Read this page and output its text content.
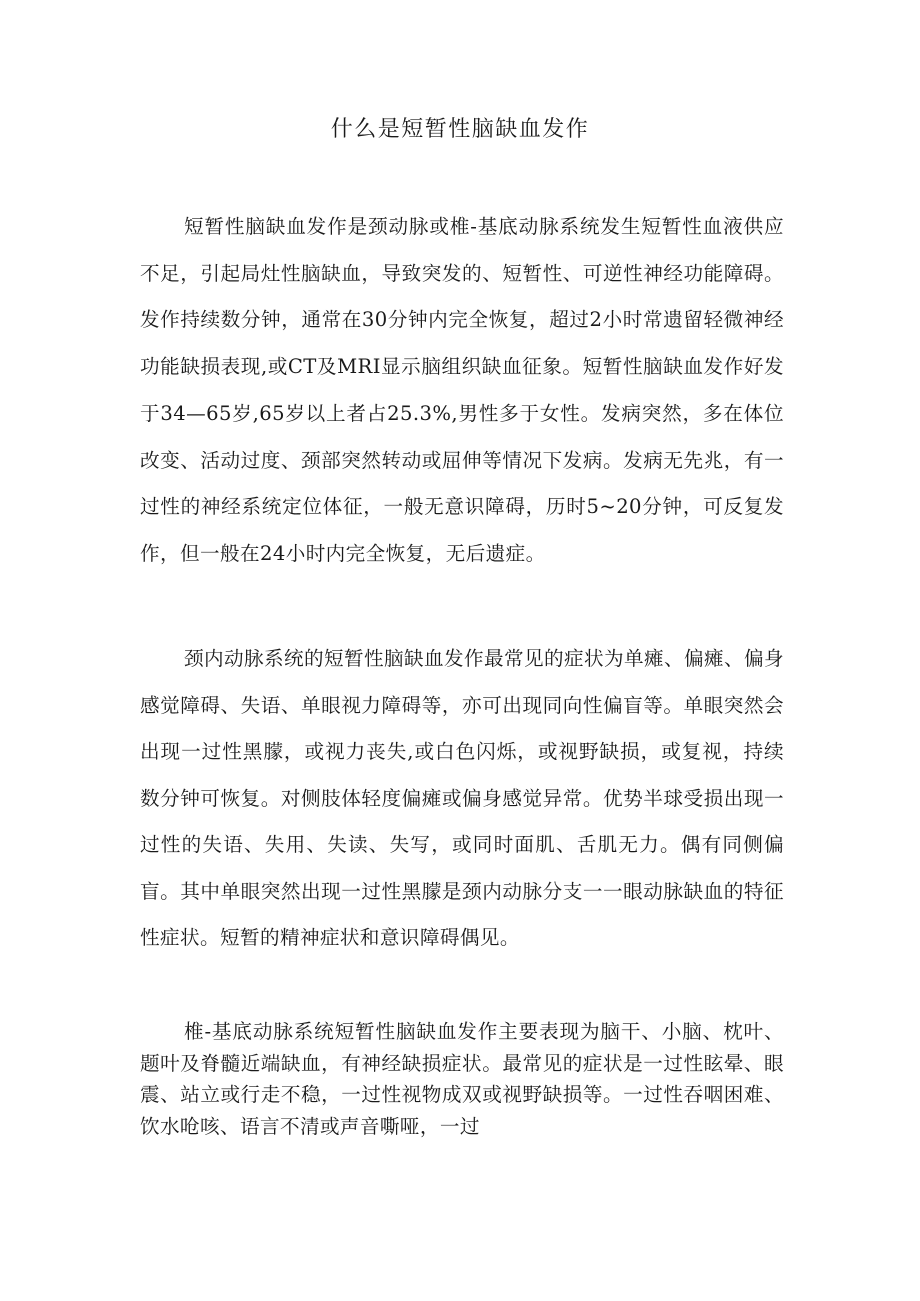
什么是短暂性脑缺血发作

短暂性脑缺血发作是颈动脉或椎-基底动脉系统发生短暂性血液供应不足，引起局灶性脑缺血，导致突发的、短暂性、可逆性神经功能障碍。发作持续数分钟，通常在30分钟内完全恢复，超过2小时常遗留轻微神经功能缺损表现,或CT及MRI显示脑组织缺血征象。短暂性脑缺血发作好发于34—65岁,65岁以上者占25.3%,男性多于女性。发病突然，多在体位改变、活动过度、颈部突然转动或屈伸等情况下发病。发病无先兆，有一过性的神经系统定位体征，一般无意识障碍，历时5~20分钟，可反复发作，但一般在24小时内完全恢复，无后遗症。

颈内动脉系统的短暂性脑缺血发作最常见的症状为单瘫、偏瘫、偏身感觉障碍、失语、单眼视力障碍等，亦可出现同向性偏盲等。单眼突然会出现一过性黑朦，或视力丧失,或白色闪烁，或视野缺损，或复视，持续数分钟可恢复。对侧肢体轻度偏瘫或偏身感觉异常。优势半球受损出现一过性的失语、失用、失读、失写，或同时面肌、舌肌无力。偶有同侧偏盲。其中单眼突然出现一过性黑朦是颈内动脉分支一一眼动脉缺血的特征性症状。短暂的精神症状和意识障碍偶见。

椎-基底动脉系统短暂性脑缺血发作主要表现为脑干、小脑、枕叶、题叶及脊髓近端缺血，有神经缺损症状。最常见的症状是一过性眩晕、眼震、站立或行走不稳，一过性视物成双或视野缺损等。一过性吞咽困难、饮水呛咳、语言不清或声音嘶哑，一过
